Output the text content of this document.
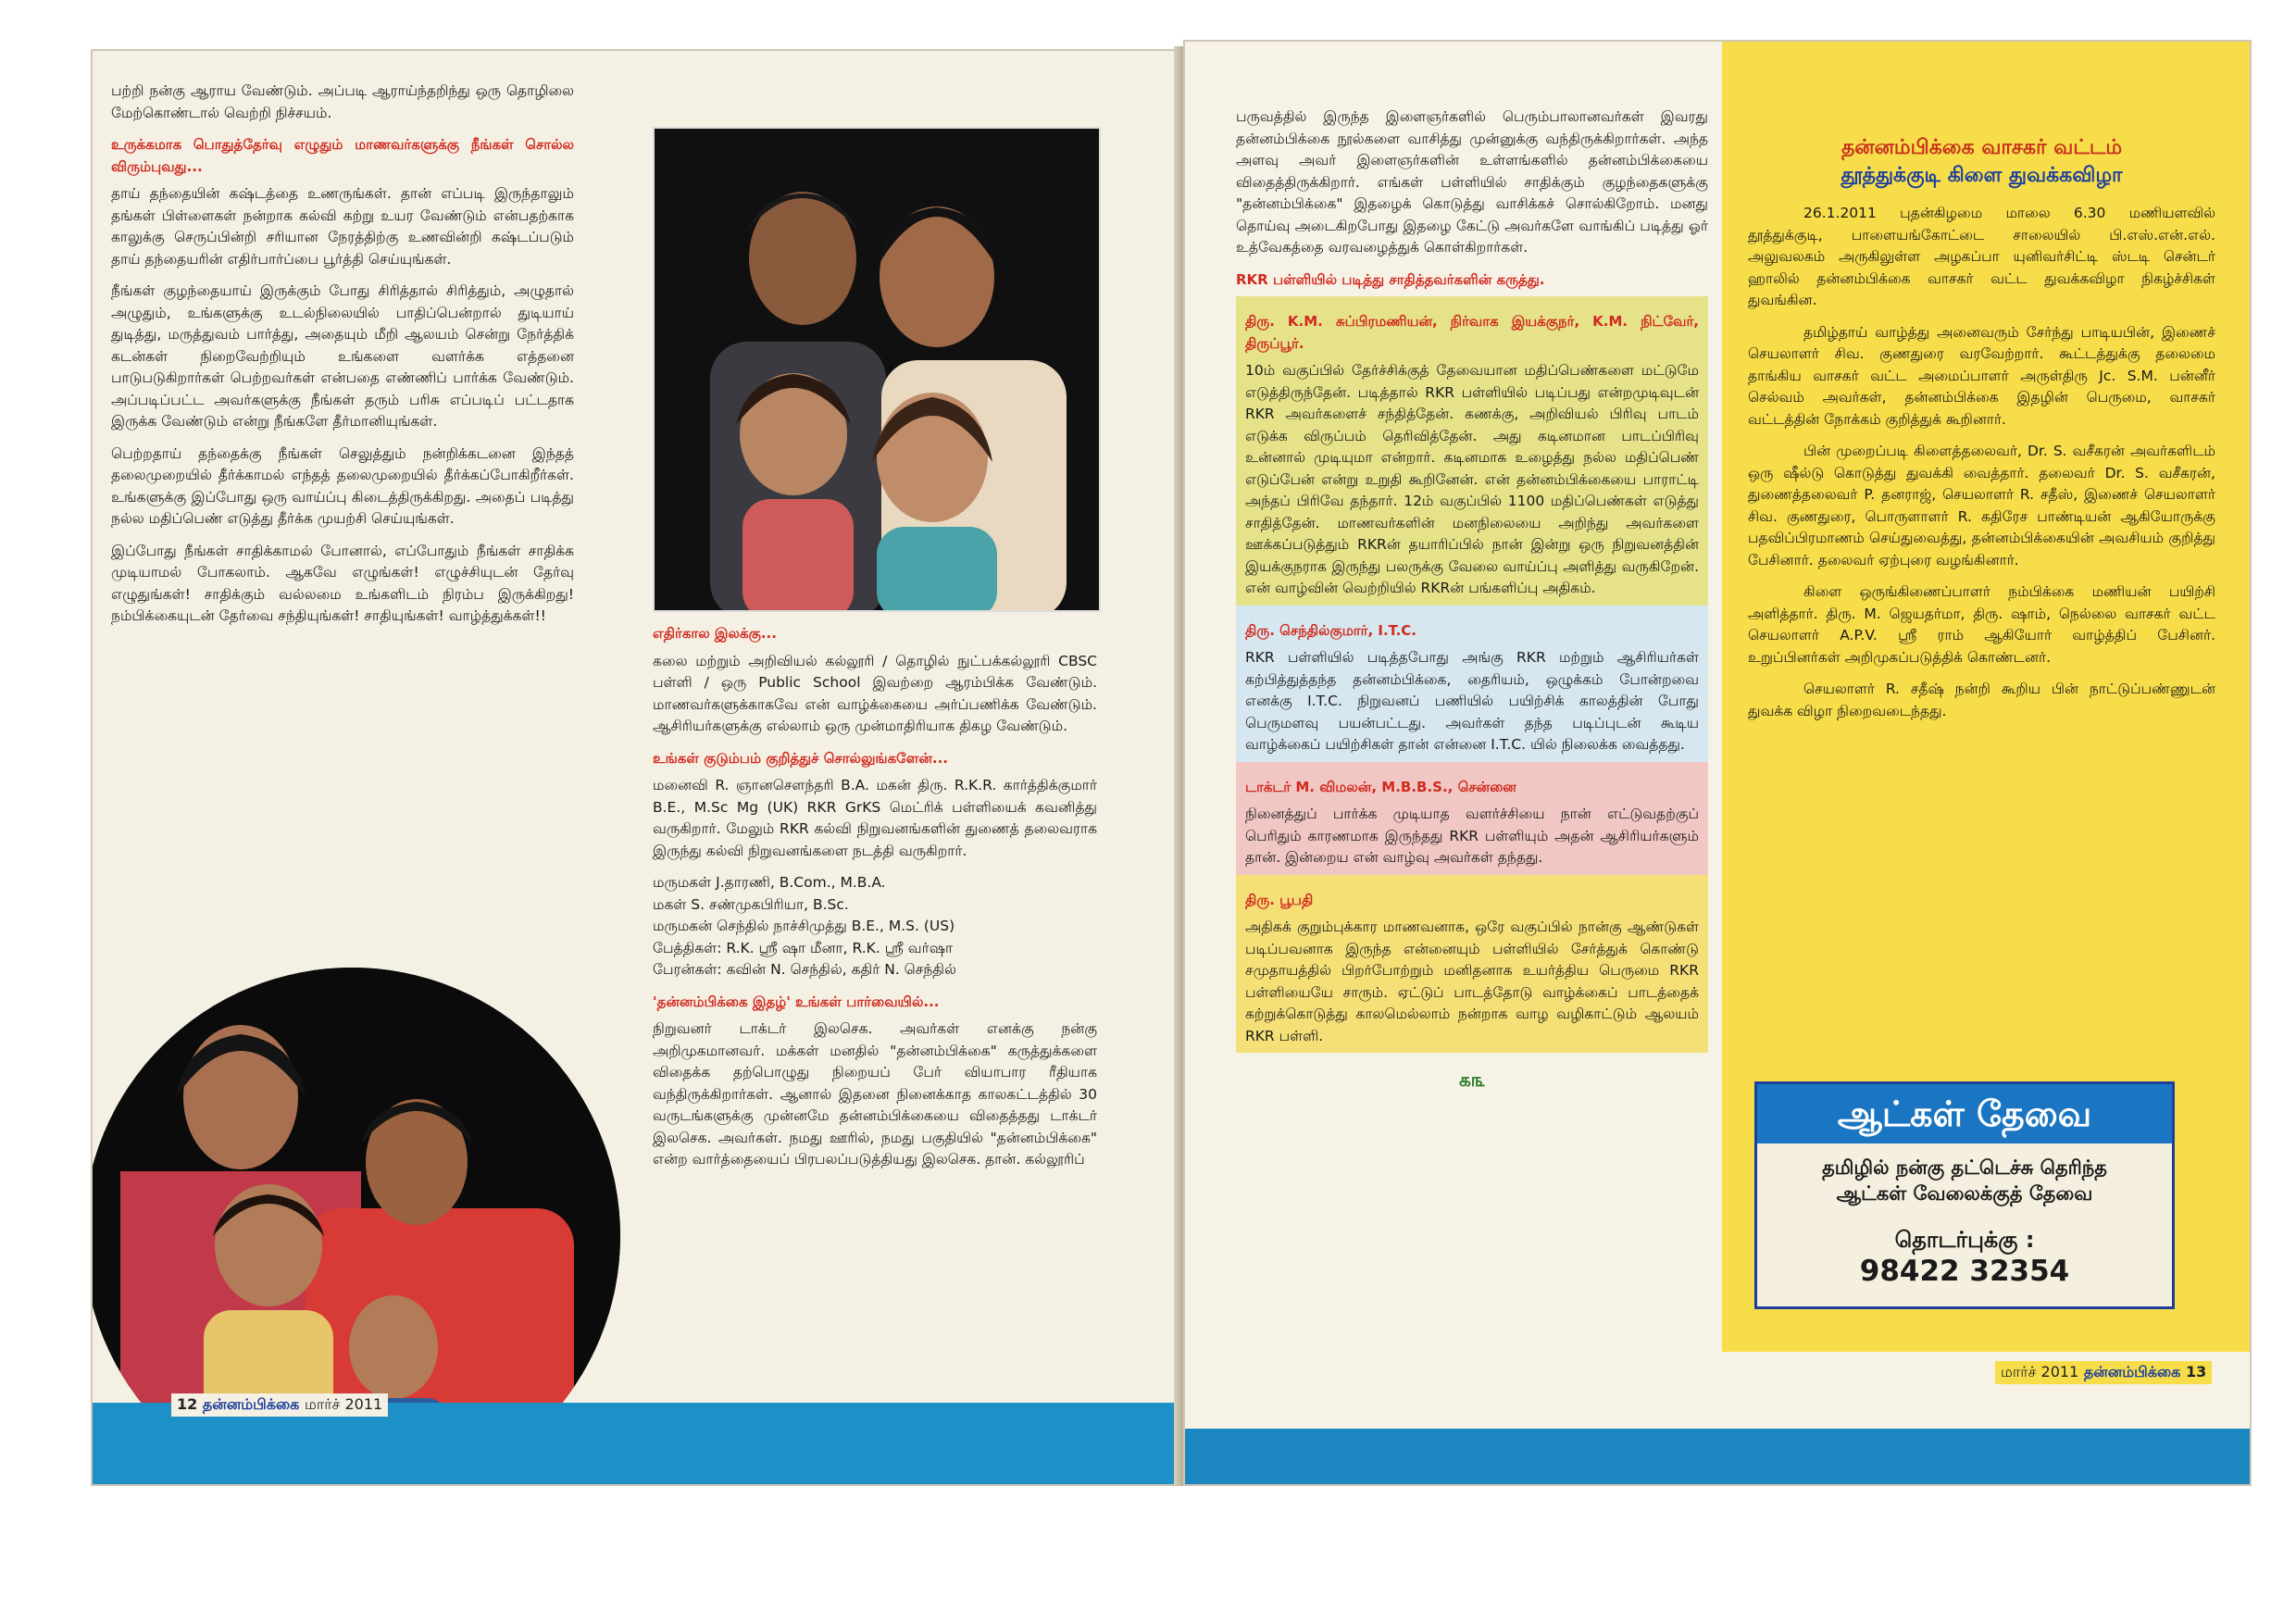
பற்றி நன்கு ஆராய வேண்டும். அப்படி ஆராய்ந்தறிந்து ஒரு தொழிலை மேற்கொண்டால் வெற்றி நிச்சயம்.

உருக்கமாக பொதுத்தேர்வு எழுதும் மாணவர்களுக்கு நீங்கள் சொல்ல விரும்புவது...

தாய் தந்தையின் கஷ்டத்தை உணருங்கள். தான் எப்படி இருந்தாலும் தங்கள் பிள்ளைகள் நன்றாக கல்வி கற்று உயர வேண்டும் என்பதற்காக காலுக்கு செருப்பின்றி சரியான நேரத்திற்கு உணவின்றி கஷ்டப்படும் தாய் தந்தையரின் எதிர்பார்ப்பை பூர்த்தி செய்யுங்கள்.

நீங்கள் குழந்தையாய் இருக்கும் போது சிரித்தால் சிரித்தும், அழுதால் அழுதும், உங்களுக்கு உடல்நிலையில் பாதிப்பென்றால் துடியாய் துடித்து, மருத்துவம் பார்த்து, அதையும் மீறி ஆலயம் சென்று நேர்த்திக் கடன்கள் நிறைவேற்றியும் உங்களை வளர்க்க எத்தனை பாடுபடுகிறார்கள் பெற்றவர்கள் என்பதை எண்ணிப் பார்க்க வேண்டும். அப்படிப்பட்ட அவர்களுக்கு நீங்கள் தரும் பரிசு எப்படிப் பட்டதாக இருக்க வேண்டும் என்று நீங்களே தீர்மானியுங்கள்.

பெற்றதாய் தந்தைக்கு நீங்கள் செலுத்தும் நன்றிக்கடனை இந்தத் தலைமுறையில் தீர்க்காமல் எந்தத் தலைமுறையில் தீர்க்கப்போகிறீர்கள். உங்களுக்கு இப்போது ஒரு வாய்ப்பு கிடைத்திருக்கிறது. அதைப் படித்து நல்ல மதிப்பெண் எடுத்து தீர்க்க முயற்சி செய்யுங்கள்.

இப்போது நீங்கள் சாதிக்காமல் போனால், எப்போதும் நீங்கள் சாதிக்க முடியாமல் போகலாம். ஆகவே எழுங்கள்! எழுச்சியுடன் தேர்வு எழுதுங்கள்! சாதிக்கும் வல்லமை உங்களிடம் நிரம்ப இருக்கிறது! நம்பிக்கையுடன் தேர்வை சந்தியுங்கள்! சாதியுங்கள்! வாழ்த்துக்கள்!!

எதிர்கால இலக்கு...

கலை மற்றும் அறிவியல் கல்லூரி / தொழில் நுட்பக்கல்லூரி CBSC பள்ளி / ஒரு Public School இவற்றை ஆரம்பிக்க வேண்டும். மாணவர்களுக்காகவே என் வாழ்க்கையை அர்ப்பணிக்க வேண்டும். ஆசிரியர்களுக்கு எல்லாம் ஒரு முன்மாதிரியாக திகழ வேண்டும்.

உங்கள் குடும்பம் குறித்துச் சொல்லுங்களேன்...

மனைவி R. ஞானசௌந்தரி B.A. மகன் திரு. R.K.R. கார்த்திக்குமார் B.E., M.Sc Mg (UK) RKR GrKS மெட்ரிக் பள்ளியைக் கவனித்து வருகிறார். மேலும் RKR கல்வி நிறுவனங்களின் துணைத் தலைவராக இருந்து கல்வி நிறுவனங்களை நடத்தி வருகிறார்.

மருமகள் J.தாரணி, B.Com., M.B.A.
மகள் S. சண்முகபிரியா, B.Sc.
மருமகன் செந்தில் நாச்சிமுத்து B.E., M.S. (US)
பேத்திகள்: R.K. ஸ்ரீ ஷா மீனா, R.K. ஸ்ரீ வர்ஷா
பேரன்கள்: கவின் N. செந்தில், கதிர் N. செந்தில்
'தன்னம்பிக்கை இதழ்' உங்கள் பார்வையில்...

நிறுவனர் டாக்டர் இலசெக. அவர்கள் எனக்கு நன்கு அறிமுகமானவர். மக்கள் மனதில் "தன்னம்பிக்கை" கருத்துக்களை விதைக்க தற்பொழுது நிறையப் பேர் வியாபார ரீதியாக வந்திருக்கிறார்கள். ஆனால் இதனை நினைக்காத காலகட்டத்தில் 30 வருடங்களுக்கு முன்னமே தன்னம்பிக்கையை விதைத்தது டாக்டர் இலசெக. அவர்கள். நமது ஊரில், நமது பகுதியில் "தன்னம்பிக்கை" என்ற வார்த்தையைப் பிரபலப்படுத்தியது இலசெக. தான். கல்லூரிப்

12 தன்னம்பிக்கை மார்ச் 2011

பருவத்தில் இருந்த இளைஞர்களில் பெரும்பாலானவர்கள் இவரது தன்னம்பிக்கை நூல்களை வாசித்து முன்னுக்கு வந்திருக்கிறார்கள். அந்த அளவு அவர் இளைஞர்களின் உள்ளங்களில் தன்னம்பிக்கையை விதைத்திருக்கிறார். எங்கள் பள்ளியில் சாதிக்கும் குழந்தைகளுக்கு "தன்னம்பிக்கை" இதழைக் கொடுத்து வாசிக்கச் சொல்கிறோம். மனது தொய்வு அடைகிறபோது இதழை கேட்டு அவர்களே வாங்கிப் படித்து ஓர் உத்வேகத்தை வரவழைத்துக் கொள்கிறார்கள்.

RKR பள்ளியில் படித்து சாதித்தவர்களின் கருத்து.
திரு. K.M. சுப்பிரமணியன், நிர்வாக இயக்குநர், K.M. நிட்வேர், திருப்பூர்.
10ம் வகுப்பில் தேர்ச்சிக்குத் தேவையான மதிப்பெண்களை மட்டுமே எடுத்திருந்தேன். படித்தால் RKR பள்ளியில் படிப்பது என்றமுடிவுடன் RKR அவர்களைச் சந்தித்தேன். கணக்கு, அறிவியல் பிரிவு பாடம் எடுக்க விருப்பம் தெரிவித்தேன். அது கடினமான பாடப்பிரிவு உன்னால் முடியுமா என்றார். கடினமாக உழைத்து நல்ல மதிப்பெண் எடுப்பேன் என்று உறுதி கூறினேன். என் தன்னம்பிக்கையை பாராட்டி அந்தப் பிரிவே தந்தார். 12ம் வகுப்பில் 1100 மதிப்பெண்கள் எடுத்து சாதித்தேன். மாணவர்களின் மனநிலையை அறிந்து அவர்களை ஊக்கப்படுத்தும் RKRன் தயாரிப்பில் நான் இன்று ஒரு நிறுவனத்தின் இயக்குநராக இருந்து பலருக்கு வேலை வாய்ப்பு அளித்து வருகிறேன். என் வாழ்வின் வெற்றியில் RKRன் பங்களிப்பு அதிகம்.
திரு. செந்தில்குமார், I.T.C.
RKR பள்ளியில் படித்தபோது அங்கு RKR மற்றும் ஆசிரியர்கள் கற்பித்துத்தந்த தன்னம்பிக்கை, தைரியம், ஒழுக்கம் போன்றவை எனக்கு I.T.C. நிறுவனப் பணியில் பயிற்சிக் காலத்தின் போது பெருமளவு பயன்பட்டது. அவர்கள் தந்த படிப்புடன் கூடிய வாழ்க்கைப் பயிற்சிகள் தான் என்னை I.T.C. யில் நிலைக்க வைத்தது.
டாக்டர் M. விமலன், M.B.B.S., சென்னை
நினைத்துப் பார்க்க முடியாத வளர்ச்சியை நான் எட்டுவதற்குப் பெரிதும் காரணமாக இருந்தது RKR பள்ளியும் அதன் ஆசிரியர்களும் தான். இன்றைய என் வாழ்வு அவர்கள் தந்தது.
திரு. பூபதி
அதிகக் குறும்புக்கார மாணவனாக, ஒரே வகுப்பில் நான்கு ஆண்டுகள் படிப்பவனாக இருந்த என்னையும் பள்ளியில் சேர்த்துக் கொண்டு சமுதாயத்தில் பிறர்போற்றும் மனிதனாக உயர்த்திய பெருமை RKR பள்ளியையே சாரும். ஏட்டுப் பாடத்தோடு வாழ்க்கைப் பாடத்தைக் கற்றுக்கொடுத்து காலமெல்லாம் நன்றாக வாழ வழிகாட்டும் ஆலயம் RKR பள்ளி.
௧௩
தன்னம்பிக்கை வாசகர் வட்டம்
தூத்துக்குடி கிளை துவக்கவிழா

26.1.2011 புதன்கிழமை மாலை 6.30 மணியளவில் தூத்துக்குடி, பாளையங்கோட்டை சாலையில் பி.எஸ்.என்.எல். அலுவலகம் அருகிலுள்ள அழகப்பா யுனிவர்சிட்டி ஸ்டடி சென்டர் ஹாலில் தன்னம்பிக்கை வாசகர் வட்ட துவக்கவிழா நிகழ்ச்சிகள் துவங்கின.

தமிழ்தாய் வாழ்த்து அனைவரும் சேர்ந்து பாடியபின், இணைச் செயலாளர் சிவ. குணதுரை வரவேற்றார். கூட்டத்துக்கு தலைமை தாங்கிய வாசகர் வட்ட அமைப்பாளர் அருள்திரு Jc. S.M. பன்னீர் செல்வம் அவர்கள், தன்னம்பிக்கை இதழின் பெருமை, வாசகர் வட்டத்தின் நோக்கம் குறித்துக் கூறினார்.

பின் முறைப்படி கிளைத்தலைவர், Dr. S. வசீகரன் அவர்களிடம் ஒரு ஷீல்டு கொடுத்து துவக்கி வைத்தார். தலைவர் Dr. S. வசீகரன், துணைத்தலைவர் P. தனராஜ், செயலாளர் R. சதீஸ், இணைச் செயலாளர் சிவ. குணதுரை, பொருளாளர் R. கதிரேச பாண்டியன் ஆகியோருக்கு பதவிப்பிரமாணம் செய்துவைத்து, தன்னம்பிக்கையின் அவசியம் குறித்து பேசினார். தலைவர் ஏற்புரை வழங்கினார்.

கிளை ஒருங்கிணைப்பாளர் நம்பிக்கை மணியன் பயிற்சி அளித்தார். திரு. M. ஜெயதர்மா, திரு. ஷாம், நெல்லை வாசகர் வட்ட செயலாளர் A.P.V. ஸ்ரீ ராம் ஆகியோர் வாழ்த்திப் பேசினர். உறுப்பினர்கள் அறிமுகப்படுத்திக் கொண்டனர்.

செயலாளர் R. சதீஷ் நன்றி கூறிய பின் நாட்டுப்பண்ணுடன் துவக்க விழா நிறைவடைந்தது.

ஆட்கள் தேவை
தமிழில் நன்கு தட்டெச்சு தெரிந்த
ஆட்கள் வேலைக்குத் தேவை
தொடர்புக்கு :
98422 32354
மார்ச் 2011 தன்னம்பிக்கை 13
